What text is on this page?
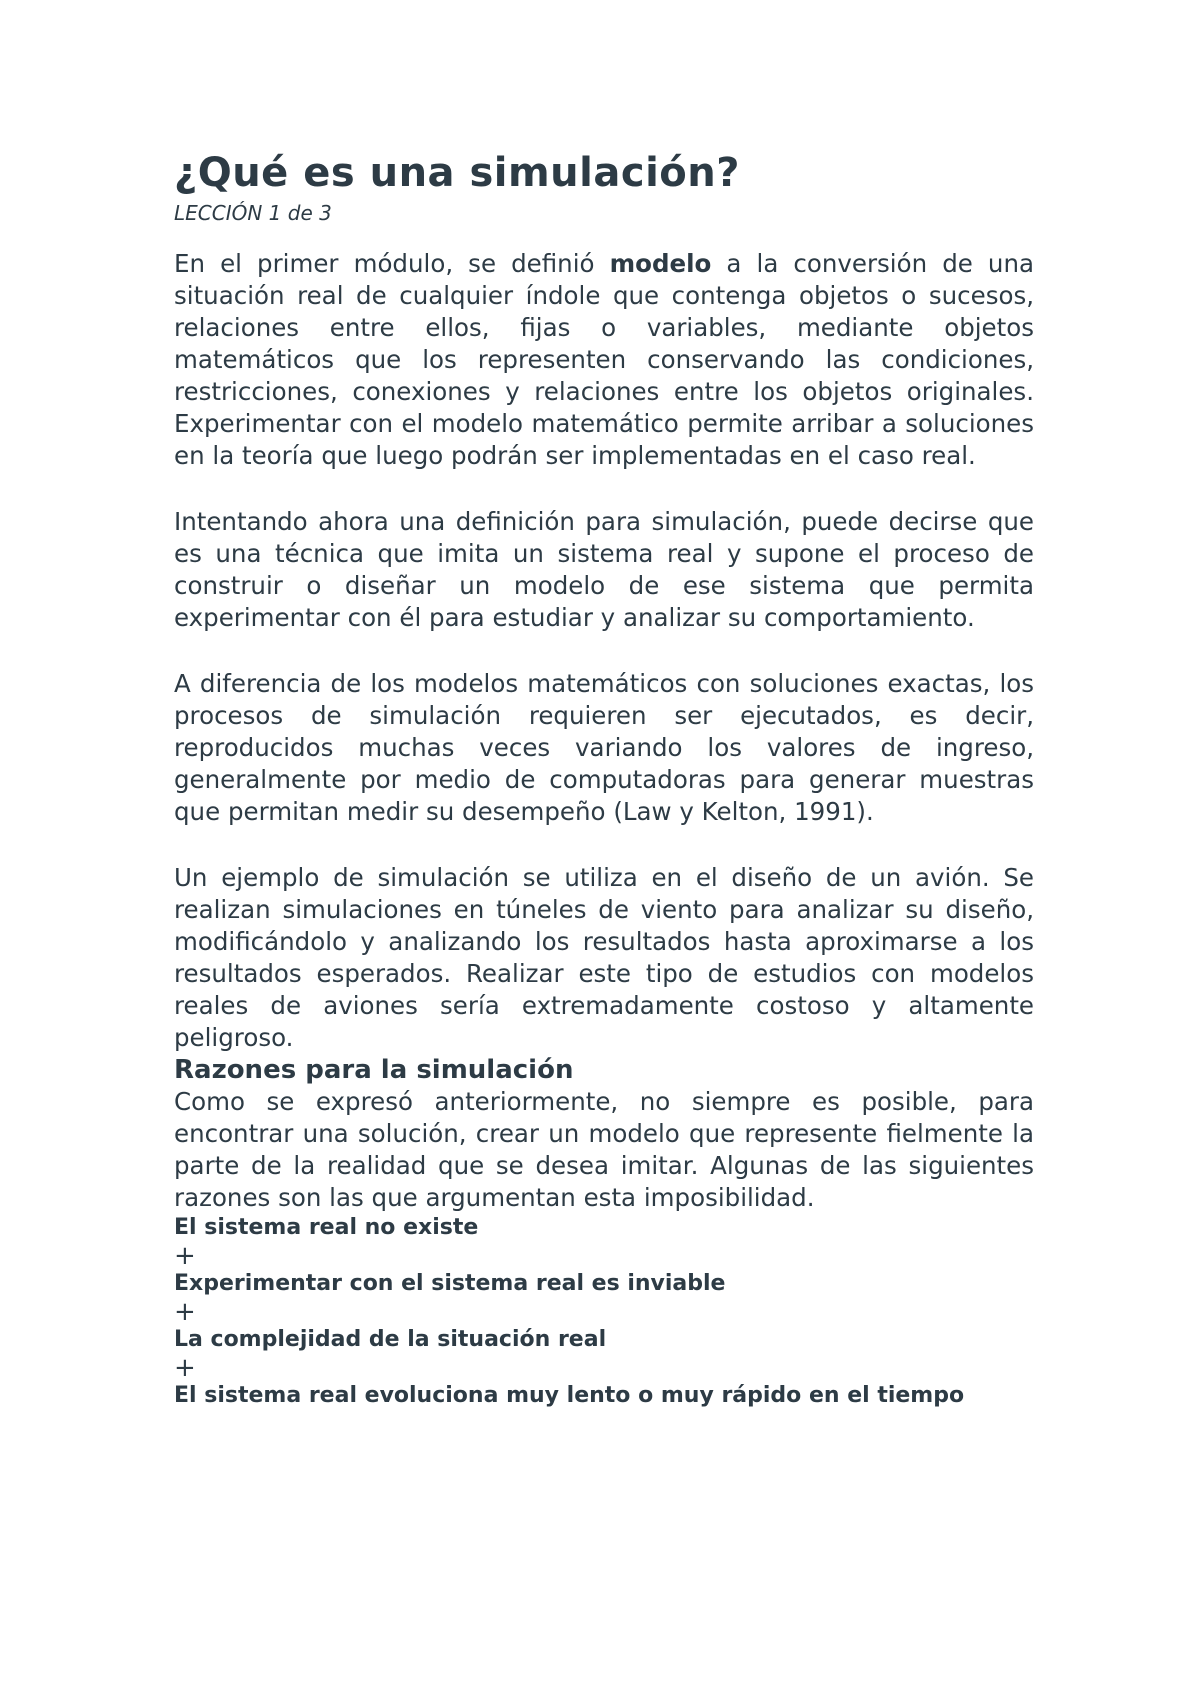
¿Qué es una simulación?

LECCIÓN 1 de 3

En el primer módulo, se definió modelo a la conversión de una situación real de cualquier índole que contenga objetos o sucesos, relaciones entre ellos, fijas o variables, mediante objetos matemáticos que los representen conservando las condiciones, restricciones, conexiones y relaciones entre los objetos originales. Experimentar con el modelo matemático permite arribar a soluciones en la teoría que luego podrán ser implementadas en el caso real.

Intentando ahora una definición para simulación, puede decirse que es una técnica que imita un sistema real y supone el proceso de construir o diseñar un modelo de ese sistema que permita experimentar con él para estudiar y analizar su comportamiento.

A diferencia de los modelos matemáticos con soluciones exactas, los procesos de simulación requieren ser ejecutados, es decir, reproducidos muchas veces variando los valores de ingreso, generalmente por medio de computadoras para generar muestras que permitan medir su desempeño (Law y Kelton, 1991).

Un ejemplo de simulación se utiliza en el diseño de un avión. Se realizan simulaciones en túneles de viento para analizar su diseño, modificándolo y analizando los resultados hasta aproximarse a los resultados esperados. Realizar este tipo de estudios con modelos reales de aviones sería extremadamente costoso y altamente peligroso.

Razones para la simulación

Como se expresó anteriormente, no siempre es posible, para encontrar una solución, crear un modelo que represente fielmente la parte de la realidad que se desea imitar. Algunas de las siguientes razones son las que argumentan esta imposibilidad.

El sistema real no existe
+
Experimentar con el sistema real es inviable
+
La complejidad de la situación real
+
El sistema real evoluciona muy lento o muy rápido en el tiempo
